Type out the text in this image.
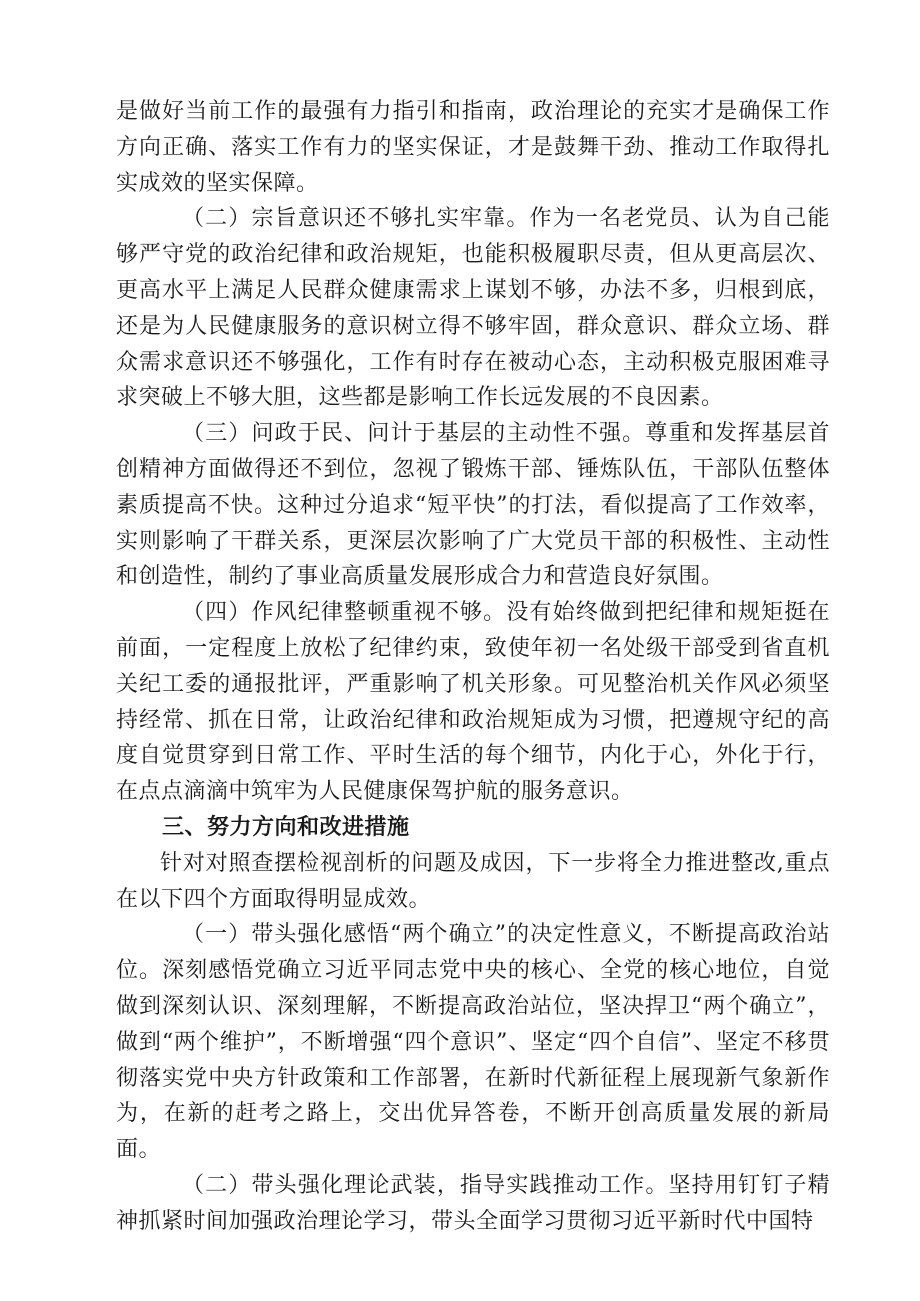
是做好当前工作的最强有力指引和指南，政治理论的充实才是确保工作方向正确、落实工作有力的坚实保证，才是鼓舞干劲、推动工作取得扎实成效的坚实保障。

（二）宗旨意识还不够扎实牢靠。作为一名老党员、认为自己能够严守党的政治纪律和政治规矩，也能积极履职尽责，但从更高层次、更高水平上满足人民群众健康需求上谋划不够，办法不多，归根到底，还是为人民健康服务的意识树立得不够牢固，群众意识、群众立场、群众需求意识还不够强化，工作有时存在被动心态，主动积极克服困难寻求突破上不够大胆，这些都是影响工作长远发展的不良因素。

（三）问政于民、问计于基层的主动性不强。尊重和发挥基层首创精神方面做得还不到位，忽视了锻炼干部、锤炼队伍，干部队伍整体素质提高不快。这种过分追求“短平快”的打法，看似提高了工作效率，实则影响了干群关系，更深层次影响了广大党员干部的积极性、主动性和创造性，制约了事业高质量发展形成合力和营造良好氛围。

（四）作风纪律整顿重视不够。没有始终做到把纪律和规矩挺在前面，一定程度上放松了纪律约束，致使年初一名处级干部受到省直机关纪工委的通报批评，严重影响了机关形象。可见整治机关作风必须坚持经常、抓在日常，让政治纪律和政治规矩成为习惯，把遵规守纪的高度自觉贯穿到日常工作、平时生活的每个细节，内化于心，外化于行，在点点滴滴中筑牢为人民健康保驾护航的服务意识。

三、努力方向和改进措施

针对对照查摆检视剖析的问题及成因，下一步将全力推进整改,重点在以下四个方面取得明显成效。

（一）带头强化感悟“两个确立”的决定性意义，不断提高政治站位。深刻感悟党确立习近平同志党中央的核心、全党的核心地位，自觉做到深刻认识、深刻理解，不断提高政治站位，坚决捍卫“两个确立”，做到“两个维护”，不断增强“四个意识”、坚定“四个自信”、坚定不移贯彻落实党中央方针政策和工作部署，在新时代新征程上展现新气象新作为，在新的赶考之路上，交出优异答卷，不断开创高质量发展的新局面。

（二）带头强化理论武装，指导实践推动工作。坚持用钉钉子精神抓紧时间加强政治理论学习，带头全面学习贯彻习近平新时代中国特
